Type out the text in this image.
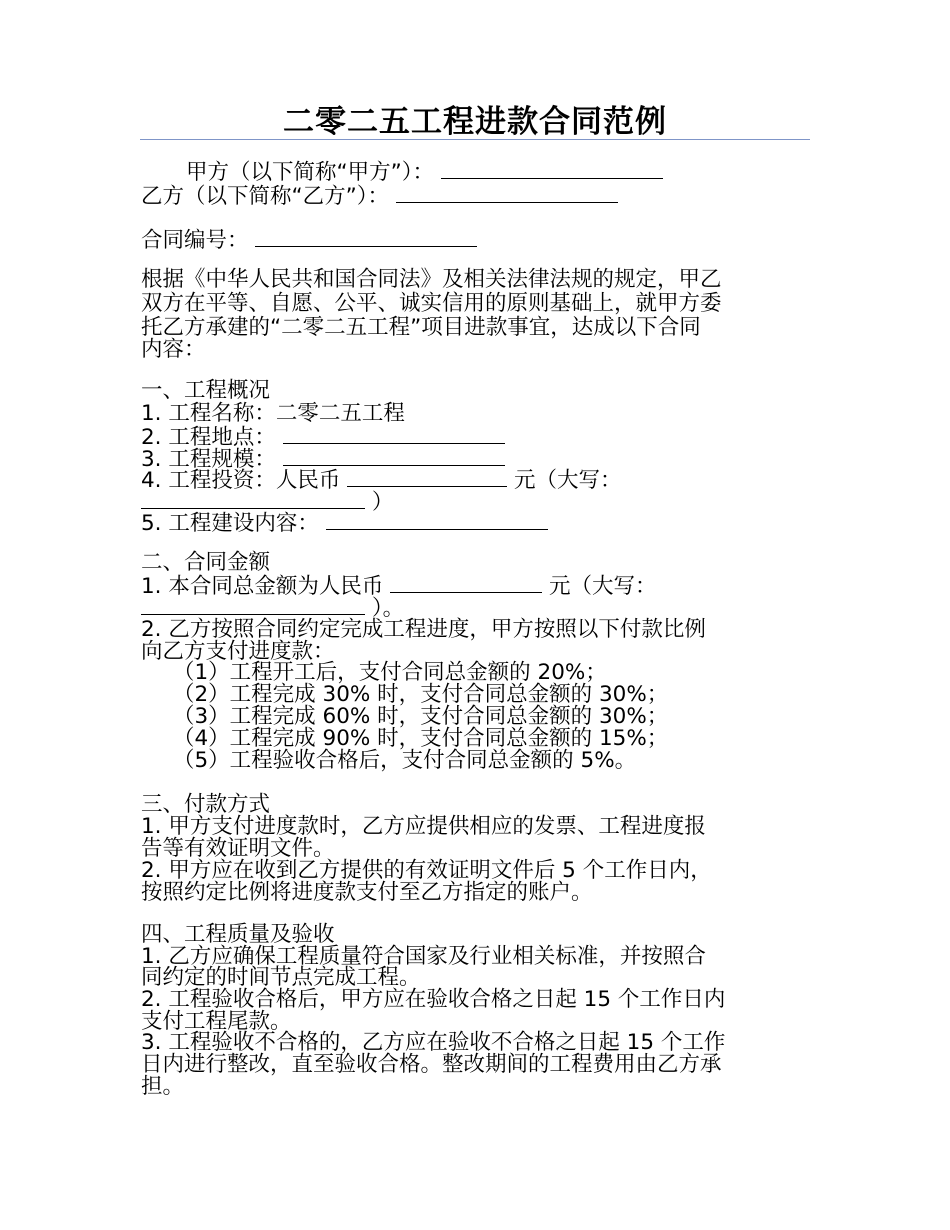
二零二五工程进款合同范例
甲方（以下简称“甲方”）：
乙方（以下简称“乙方”）：
合同编号：
根据《中华人民共和国合同法》及相关法律法规的规定，甲乙
双方在平等、自愿、公平、诚实信用的原则基础上，就甲方委
托乙方承建的“二零二五工程”项目进款事宜，达成以下合同
内容：
一、工程概况
1. 工程名称：二零二五工程
2. 工程地点：
3. 工程规模：
4. 工程投资：人民币	元（大写：
）
5. 工程建设内容：
二、合同金额
1. 本合同总金额为人民币	元（大写：
）。
2. 乙方按照合同约定完成工程进度，甲方按照以下付款比例
向乙方支付进度款：
（1）工程开工后，支付合同总金额的 20%；
（2）工程完成 30% 时，支付合同总金额的 30%；
（3）工程完成 60% 时，支付合同总金额的 30%；
（4）工程完成 90% 时，支付合同总金额的 15%；
（5）工程验收合格后，支付合同总金额的 5%。
三、付款方式
1. 甲方支付进度款时，乙方应提供相应的发票、工程进度报
告等有效证明文件。
2. 甲方应在收到乙方提供的有效证明文件后 5 个工作日内，
按照约定比例将进度款支付至乙方指定的账户。
四、工程质量及验收
1. 乙方应确保工程质量符合国家及行业相关标准，并按照合
同约定的时间节点完成工程。
2. 工程验收合格后，甲方应在验收合格之日起 15 个工作日内
支付工程尾款。
3. 工程验收不合格的，乙方应在验收不合格之日起 15 个工作
日内进行整改，直至验收合格。整改期间的工程费用由乙方承
担。
